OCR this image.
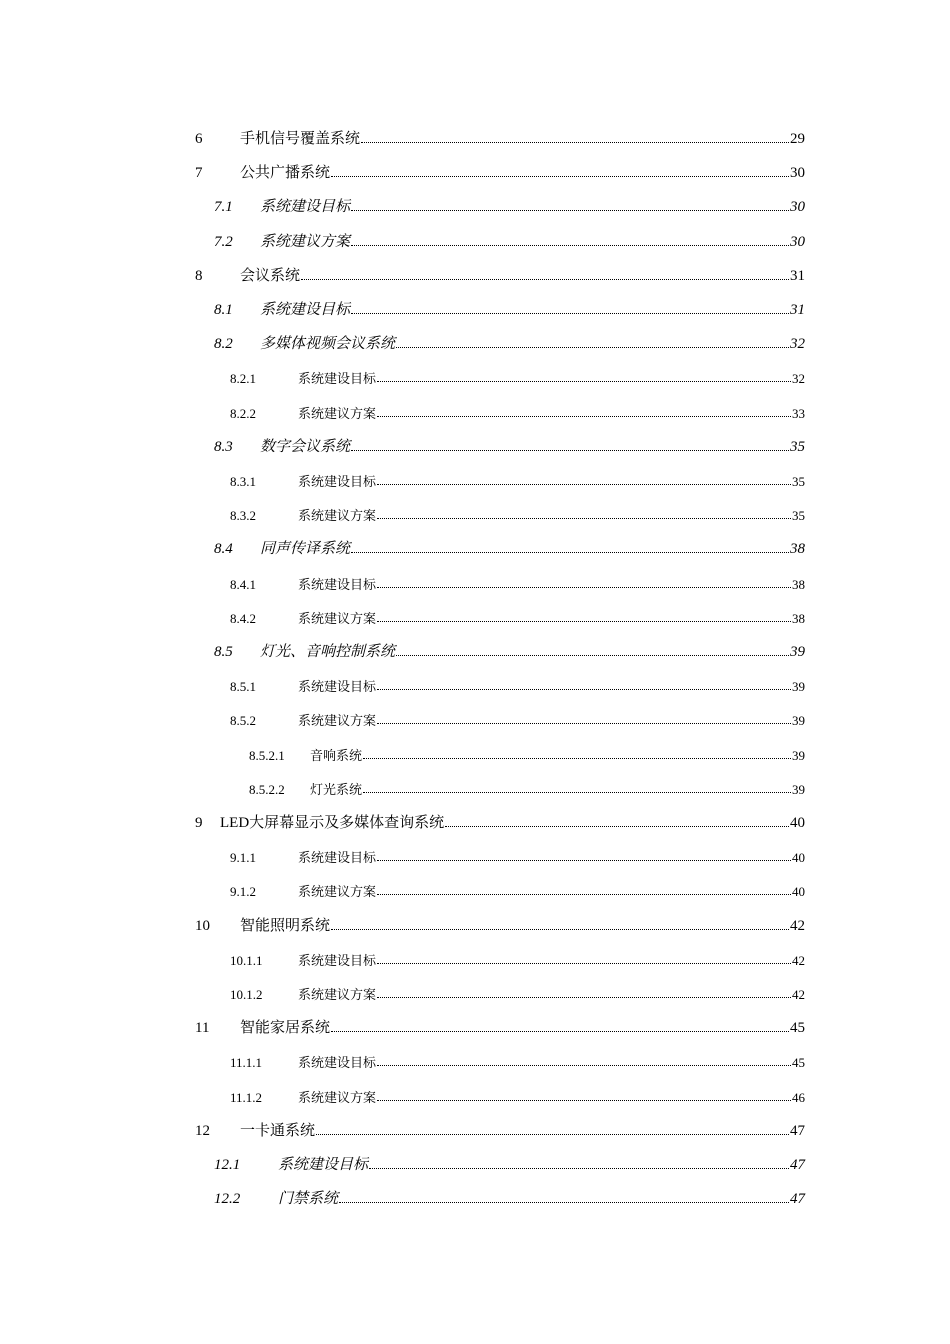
6	手机信号覆盖系统	29
7	公共广播系统	30
7.1	系统建设目标	30
7.2	系统建议方案	30
8	会议系统	31
8.1	系统建设目标	31
8.2	多媒体视频会议系统	32
8.2.1	系统建设目标	32
8.2.2	系统建议方案	33
8.3	数字会议系统	35
8.3.1	系统建设目标	35
8.3.2	系统建议方案	35
8.4	同声传译系统	38
8.4.1	系统建设目标	38
8.4.2	系统建议方案	38
8.5	灯光、音响控制系统	39
8.5.1	系统建设目标	39
8.5.2	系统建议方案	39
8.5.2.1	音响系统	39
8.5.2.2	灯光系统	39
9	LED大屏幕显示及多媒体查询系统	40
9.1.1	系统建设目标	40
9.1.2	系统建议方案	40
10	智能照明系统	42
10.1.1	系统建设目标	42
10.1.2	系统建议方案	42
11	智能家居系统	45
11.1.1	系统建设目标	45
11.1.2	系统建议方案	46
12	一卡通系统	47
12.1	系统建设目标	47
12.2	门禁系统	47
